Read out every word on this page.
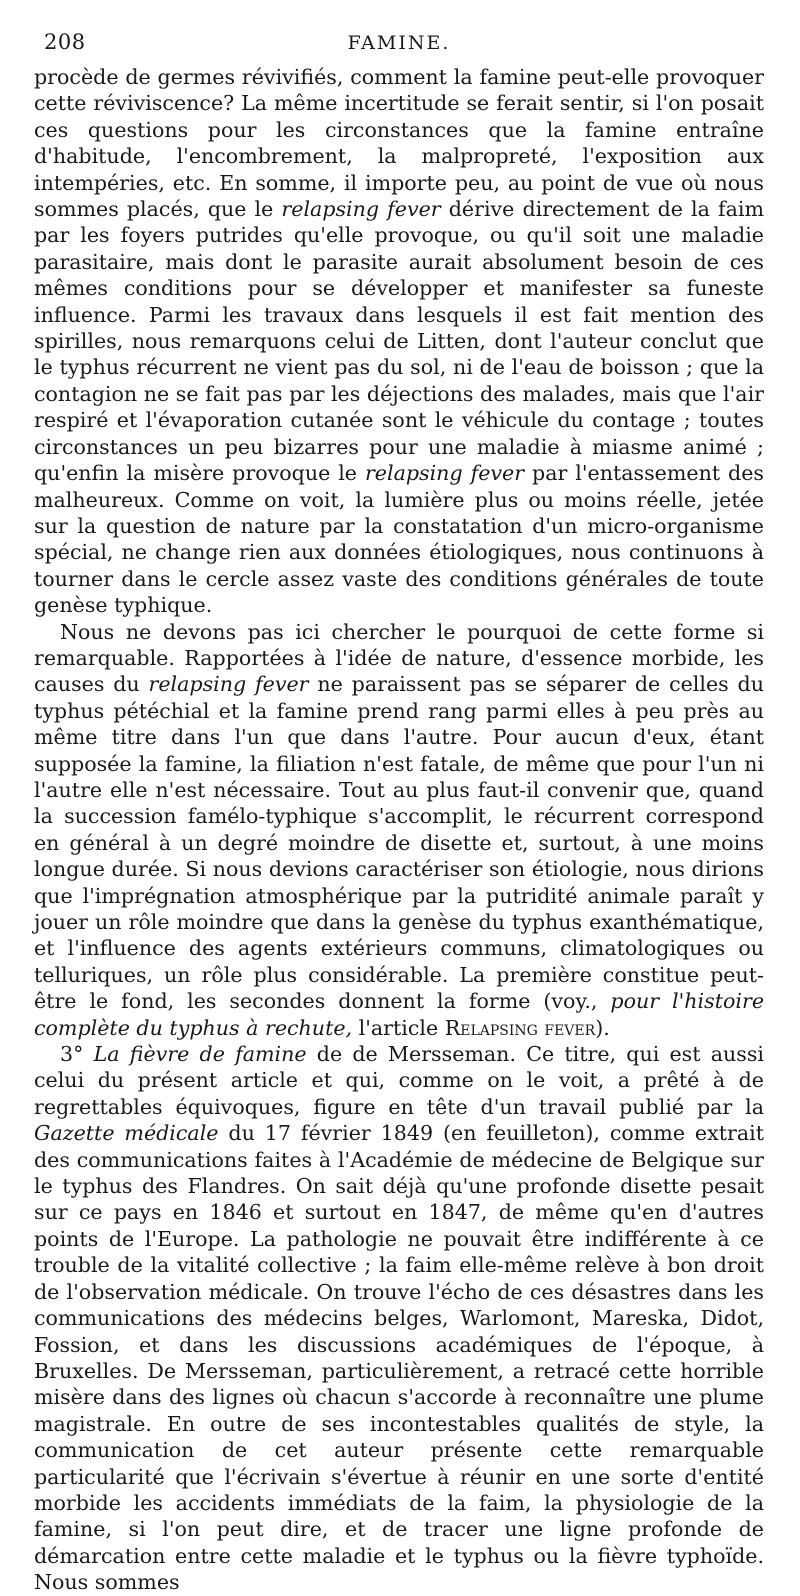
208	FAMINE.

procède de germes révivifiés, comment la famine peut-elle provoquer cette réviviscence? La même incertitude se ferait sentir, si l'on posait ces questions pour les circonstances que la famine entraîne d'habitude, l'encombrement, la malpropreté, l'exposition aux intempéries, etc. En somme, il importe peu, au point de vue où nous sommes placés, que le relapsing fever dérive directement de la faim par les foyers putrides qu'elle provoque, ou qu'il soit une maladie parasitaire, mais dont le parasite aurait absolument besoin de ces mêmes conditions pour se développer et manifester sa funeste influence. Parmi les travaux dans lesquels il est fait mention des spirilles, nous remarquons celui de Litten, dont l'auteur conclut que le typhus récurrent ne vient pas du sol, ni de l'eau de boisson ; que la contagion ne se fait pas par les déjections des malades, mais que l'air respiré et l'évaporation cutanée sont le véhicule du contage ; toutes circonstances un peu bizarres pour une maladie à miasme animé ; qu'enfin la misère provoque le relapsing fever par l'entassement des malheureux. Comme on voit, la lumière plus ou moins réelle, jetée sur la question de nature par la constatation d'un micro-organisme spécial, ne change rien aux données étiologiques, nous continuons à tourner dans le cercle assez vaste des conditions générales de toute genèse typhique.

Nous ne devons pas ici chercher le pourquoi de cette forme si remarquable. Rapportées à l'idée de nature, d'essence morbide, les causes du relapsing fever ne paraissent pas se séparer de celles du typhus pétéchial et la famine prend rang parmi elles à peu près au même titre dans l'un que dans l'autre. Pour aucun d'eux, étant supposée la famine, la filiation n'est fatale, de même que pour l'un ni l'autre elle n'est nécessaire. Tout au plus faut-il convenir que, quand la succession famélo-typhique s'accomplit, le récurrent correspond en général à un degré moindre de disette et, surtout, à une moins longue durée. Si nous devions caractériser son étiologie, nous dirions que l'imprégnation atmosphérique par la putridité animale paraît y jouer un rôle moindre que dans la genèse du typhus exanthématique, et l'influence des agents extérieurs communs, climatologiques ou telluriques, un rôle plus considérable. La première constitue peut-être le fond, les secondes donnent la forme (voy., pour l'histoire complète du typhus à rechute, l'article Relapsing fever).

3° La fièvre de famine de de Mersseman. Ce titre, qui est aussi celui du présent article et qui, comme on le voit, a prêté à de regrettables équivoques, figure en tête d'un travail publié par la Gazette médicale du 17 février 1849 (en feuilleton), comme extrait des communications faites à l'Académie de médecine de Belgique sur le typhus des Flandres. On sait déjà qu'une profonde disette pesait sur ce pays en 1846 et surtout en 1847, de même qu'en d'autres points de l'Europe. La pathologie ne pouvait être indifférente à ce trouble de la vitalité collective ; la faim elle-même relève à bon droit de l'observation médicale. On trouve l'écho de ces désastres dans les communications des médecins belges, Warlomont, Mareska, Didot, Fossion, et dans les discussions académiques de l'époque, à Bruxelles. De Mersseman, particulièrement, a retracé cette horrible misère dans des lignes où chacun s'accorde à reconnaître une plume magistrale. En outre de ses incontestables qualités de style, la communication de cet auteur présente cette remarquable particularité que l'écrivain s'évertue à réunir en une sorte d'entité morbide les accidents immédiats de la faim, la physiologie de la famine, si l'on peut dire, et de tracer une ligne profonde de démarcation entre cette maladie et le typhus ou la fièvre typhoïde. Nous sommes
